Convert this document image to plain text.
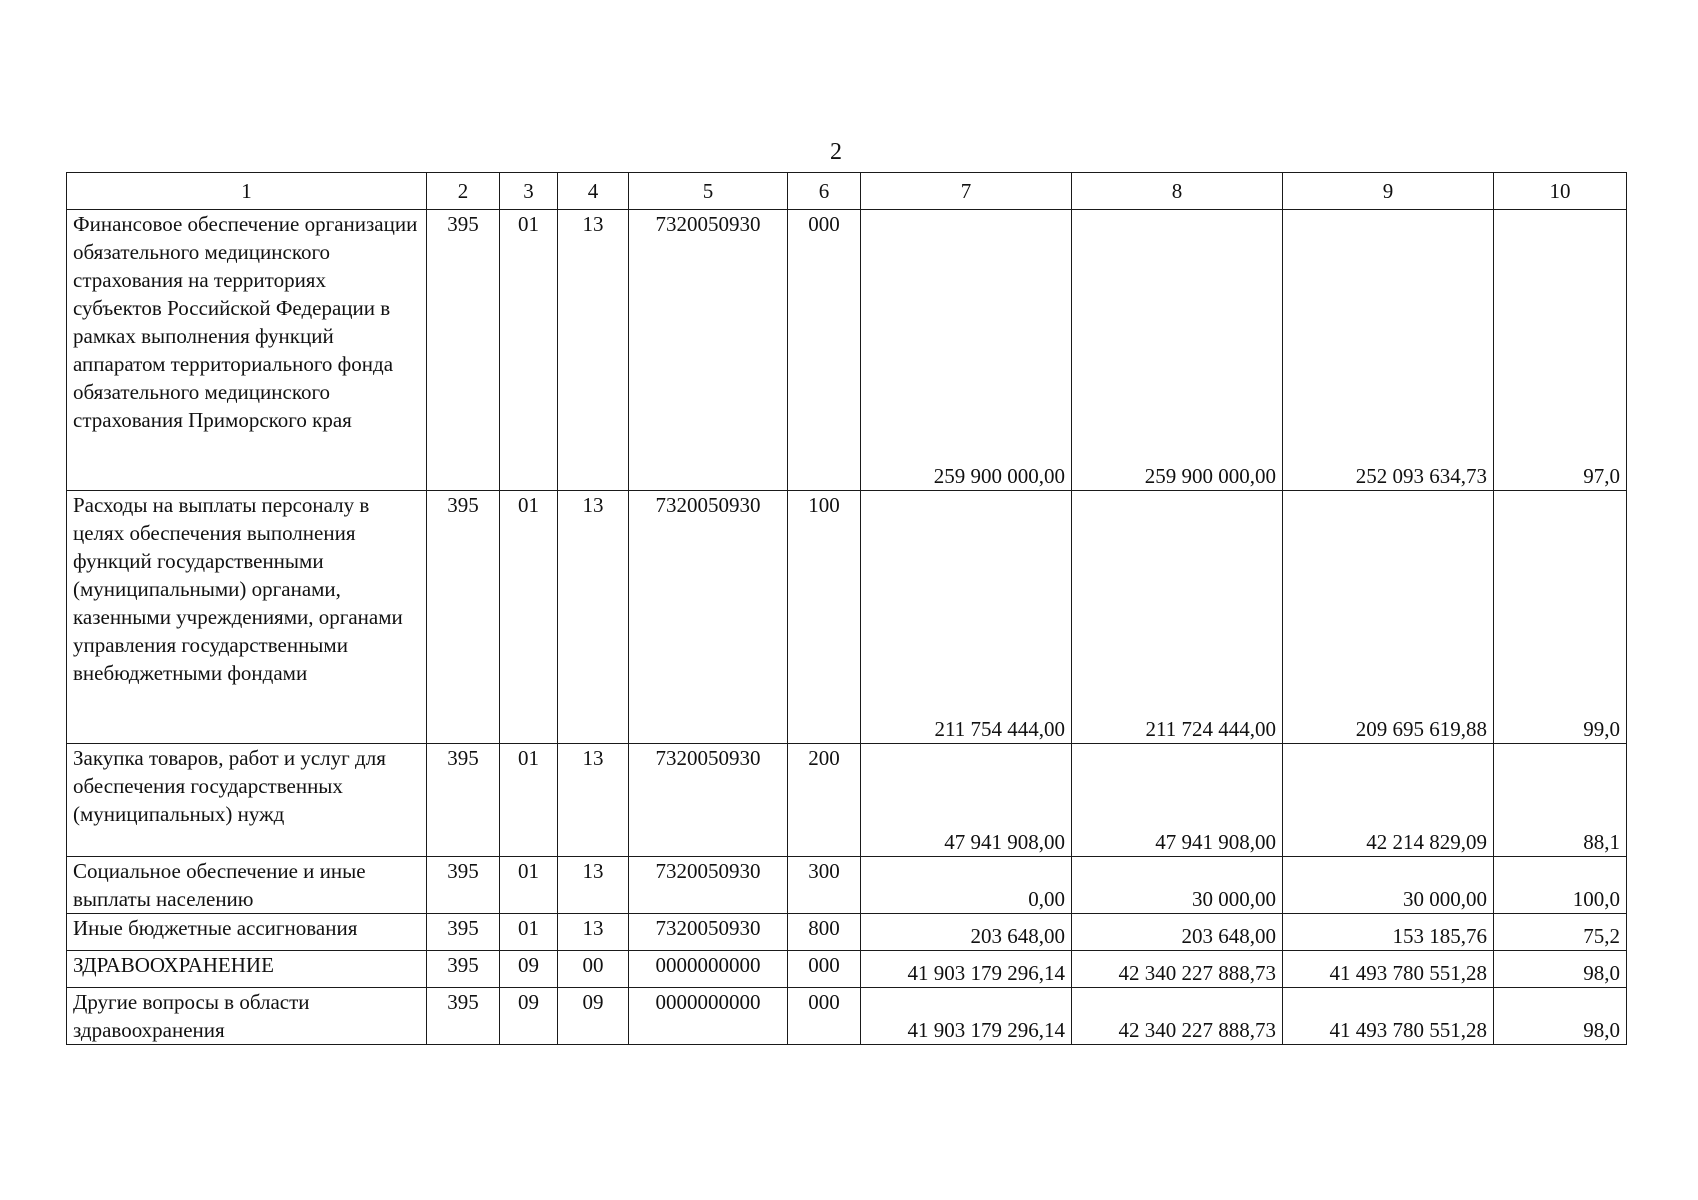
2
1	2	3	4	5	6	7	8	9	10
Финансовое обеспечение организации обязательного медицинского страхования на территориях субъектов Российской Федерации в рамках выполнения функций аппаратом территориального фонда обязательного медицинского страхования Приморского края	395	01	13	7320050930	000	259 900 000,00	259 900 000,00	252 093 634,73	97,0
Расходы на выплаты персоналу в целях обеспечения выполнения функций государственными (муниципальными) органами, казенными учреждениями, органами управления государственными внебюджетными фондами	395	01	13	7320050930	100	211 754 444,00	211 724 444,00	209 695 619,88	99,0
Закупка товаров, работ и услуг для обеспечения государственных (муниципальных) нужд	395	01	13	7320050930	200	47 941 908,00	47 941 908,00	42 214 829,09	88,1
Социальное обеспечение и иные выплаты населению	395	01	13	7320050930	300	0,00	30 000,00	30 000,00	100,0
Иные бюджетные ассигнования	395	01	13	7320050930	800	203 648,00	203 648,00	153 185,76	75,2
ЗДРАВООХРАНЕНИЕ	395	09	00	0000000000	000	41 903 179 296,14	42 340 227 888,73	41 493 780 551,28	98,0
Другие вопросы в области здравоохранения	395	09	09	0000000000	000	41 903 179 296,14	42 340 227 888,73	41 493 780 551,28	98,0
